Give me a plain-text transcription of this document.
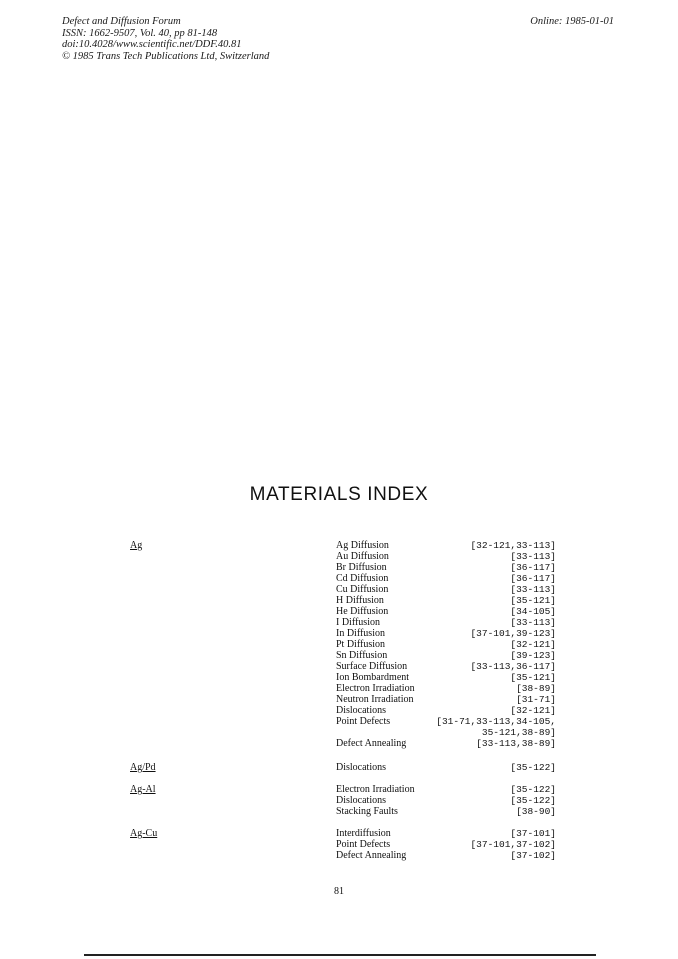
Defect and Diffusion Forum
ISSN: 1662-9507, Vol. 40, pp 81-148
doi:10.4028/www.scientific.net/DDF.40.81
© 1985 Trans Tech Publications Ltd, Switzerland
Online: 1985-01-01
MATERIALS INDEX
Ag	Ag Diffusion	[32-121,33-113]
Au Diffusion	[33-113]
Br Diffusion	[36-117]
Cd Diffusion	[36-117]
Cu Diffusion	[33-113]
H Diffusion	[35-121]
He Diffusion	[34-105]
I Diffusion	[33-113]
In Diffusion	[37-101,39-123]
Pt Diffusion	[32-121]
Sn Diffusion	[39-123]
Surface Diffusion	[33-113,36-117]
Ion Bombardment	[35-121]
Electron Irradiation	[38-89]
Neutron Irradiation	[31-71]
Dislocations	[32-121]
Point Defects	[31-71,33-113,34-105,
35-121,38-89]
Defect Annealing	[33-113,38-89]
Ag/Pd	Dislocations	[35-122]
Ag-Al	Electron Irradiation	[35-122]
Dislocations	[35-122]
Stacking Faults	[38-90]
Ag-Cu	Interdiffusion	[37-101]
Point Defects	[37-101,37-102]
Defect Annealing	[37-102]
81
